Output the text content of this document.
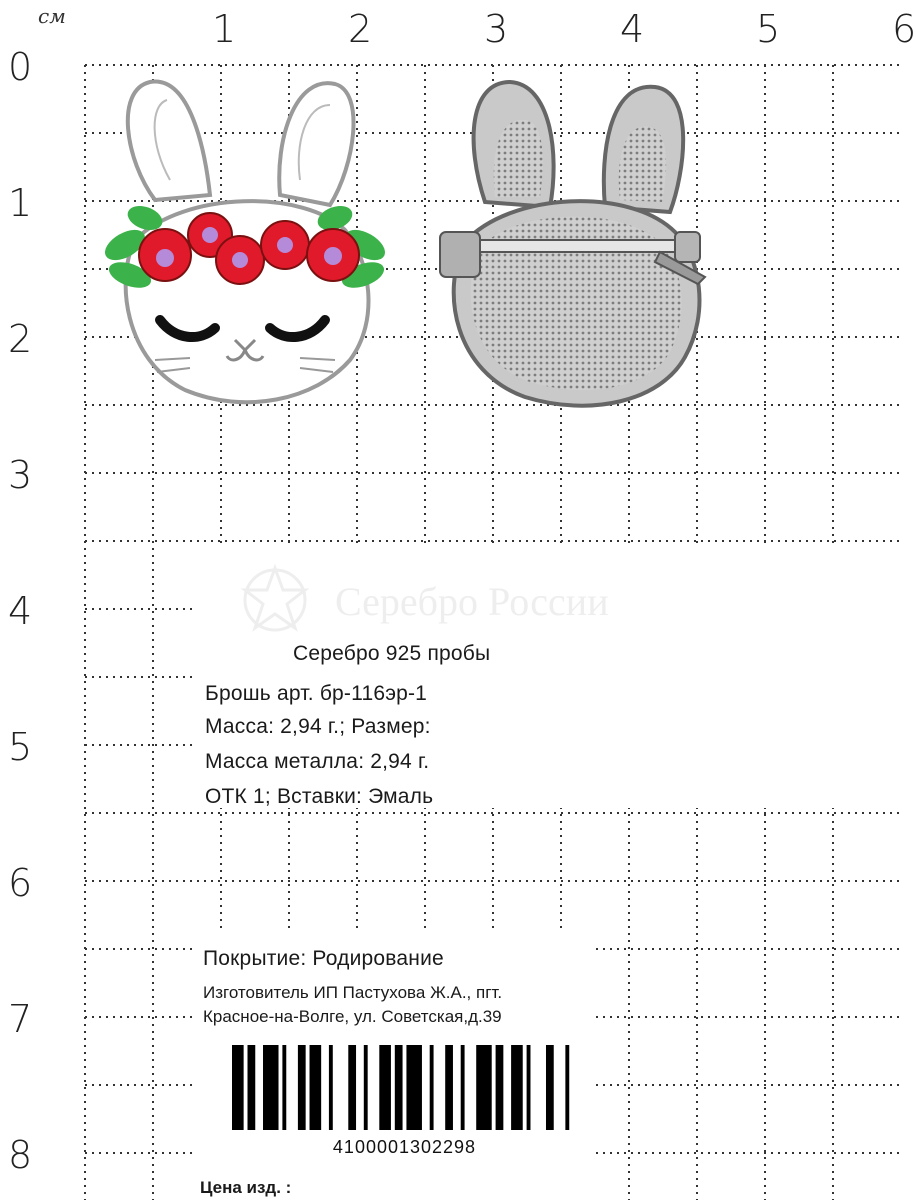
см	1	2	3	4	5	6
0
1
2
3
4
5
6
7
8
Серебро России
Серебро 925 пробы
Брошь арт. бр-116эр-1
Масса: 2,94 г.; Размер:
Масса металла: 2,94 г.
ОТК 1; Вставки: Эмаль
Покрытие: Родирование
Изготовитель ИП Пастухова Ж.А., пгт.
Красное-на-Волге, ул. Советская,д.39
4100001302298
Цена изд. :
